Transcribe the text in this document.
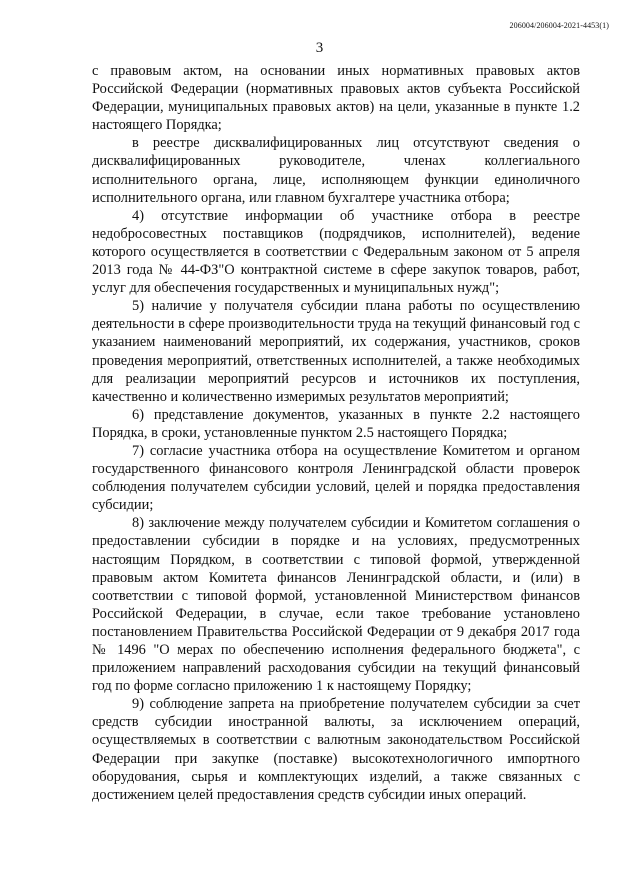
206004/206004-2021-4453(1)
3

с правовым актом, на основании иных нормативных правовых актов Российской Федерации (нормативных правовых актов субъекта Российской Федерации, муниципальных правовых актов) на цели, указанные в пункте 1.2 настоящего Порядка;

в реестре дисквалифицированных лиц отсутствуют сведения о дисквалифицированных руководителе, членах коллегиального исполнительного органа, лице, исполняющем функции единоличного исполнительного органа, или главном бухгалтере участника отбора;

4) отсутствие информации об участнике отбора в реестре недобросовестных поставщиков (подрядчиков, исполнителей), ведение которого осуществляется в соответствии с Федеральным законом от 5 апреля 2013 года № 44-ФЗ"О контрактной системе в сфере закупок товаров, работ, услуг для обеспечения государственных и муниципальных нужд";

5) наличие у получателя субсидии плана работы по осуществлению деятельности в сфере производительности труда на текущий финансовый год с указанием наименований мероприятий, их содержания, участников, сроков проведения мероприятий, ответственных исполнителей, а также необходимых для реализации мероприятий ресурсов и источников их поступления, качественно и количественно измеримых результатов мероприятий;

6) представление документов, указанных в пункте 2.2 настоящего Порядка, в сроки, установленные пунктом 2.5 настоящего Порядка;

7) согласие участника отбора на осуществление Комитетом и органом государственного финансового контроля Ленинградской области проверок соблюдения получателем субсидии условий, целей и порядка предоставления субсидии;

8) заключение между получателем субсидии и Комитетом соглашения о предоставлении субсидии в порядке и на условиях, предусмотренных настоящим Порядком, в соответствии с типовой формой, утвержденной правовым актом Комитета финансов Ленинградской области, и (или) в соответствии с типовой формой, установленной Министерством финансов Российской Федерации, в случае, если такое требование установлено постановлением Правительства Российской Федерации от 9 декабря 2017 года № 1496 "О мерах по обеспечению исполнения федерального бюджета", с приложением направлений расходования субсидии на текущий финансовый год по форме согласно приложению 1 к настоящему Порядку;

9) соблюдение запрета на приобретение получателем субсидии за счет средств субсидии иностранной валюты, за исключением операций, осуществляемых в соответствии с валютным законодательством Российской Федерации при закупке (поставке) высокотехнологичного импортного оборудования, сырья и комплектующих изделий, а также связанных с достижением целей предоставления средств субсидии иных операций.
